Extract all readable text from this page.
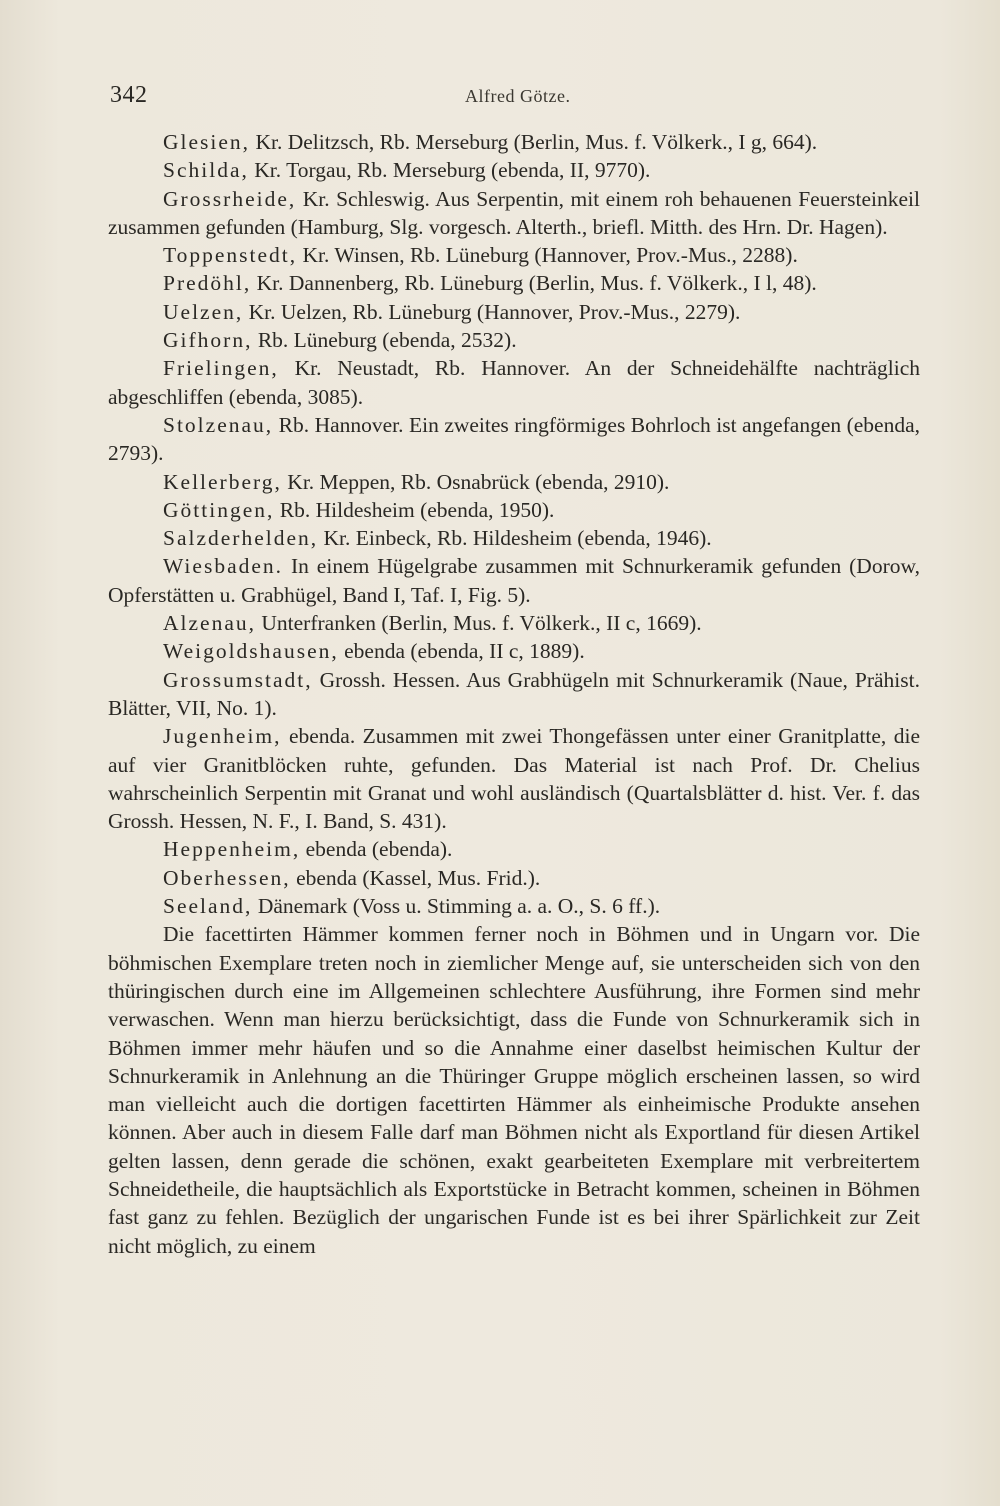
342	Alfred Götze.

Glesien, Kr. Delitzsch, Rb. Merseburg (Berlin, Mus. f. Völkerk., I g, 664).

Schilda, Kr. Torgau, Rb. Merseburg (ebenda, II, 9770).

Grossrheide, Kr. Schleswig. Aus Serpentin, mit einem roh behauenen Feuersteinkeil zusammen gefunden (Hamburg, Slg. vorgesch. Alterth., briefl. Mitth. des Hrn. Dr. Hagen).

Toppenstedt, Kr. Winsen, Rb. Lüneburg (Hannover, Prov.-Mus., 2288).

Predöhl, Kr. Dannenberg, Rb. Lüneburg (Berlin, Mus. f. Völkerk., I l, 48).

Uelzen, Kr. Uelzen, Rb. Lüneburg (Hannover, Prov.-Mus., 2279).

Gifhorn, Rb. Lüneburg (ebenda, 2532).

Frielingen, Kr. Neustadt, Rb. Hannover. An der Schneidehälfte nachträglich abgeschliffen (ebenda, 3085).

Stolzenau, Rb. Hannover. Ein zweites ringförmiges Bohrloch ist angefangen (ebenda, 2793).

Kellerberg, Kr. Meppen, Rb. Osnabrück (ebenda, 2910).

Göttingen, Rb. Hildesheim (ebenda, 1950).

Salzderhelden, Kr. Einbeck, Rb. Hildesheim (ebenda, 1946).

Wiesbaden. In einem Hügelgrabe zusammen mit Schnurkeramik gefunden (Dorow, Opferstätten u. Grabhügel, Band I, Taf. I, Fig. 5).

Alzenau, Unterfranken (Berlin, Mus. f. Völkerk., II c, 1669).

Weigoldshausen, ebenda (ebenda, II c, 1889).

Grossumstadt, Grossh. Hessen. Aus Grabhügeln mit Schnurkeramik (Naue, Prähist. Blätter, VII, No. 1).

Jugenheim, ebenda. Zusammen mit zwei Thongefässen unter einer Granitplatte, die auf vier Granitblöcken ruhte, gefunden. Das Material ist nach Prof. Dr. Chelius wahrscheinlich Serpentin mit Granat und wohl ausländisch (Quartalsblätter d. hist. Ver. f. das Grossh. Hessen, N. F., I. Band, S. 431).

Heppenheim, ebenda (ebenda).

Oberhessen, ebenda (Kassel, Mus. Frid.).

Seeland, Dänemark (Voss u. Stimming a. a. O., S. 6 ff.).

Die facettirten Hämmer kommen ferner noch in Böhmen und in Ungarn vor. Die böhmischen Exemplare treten noch in ziemlicher Menge auf, sie unterscheiden sich von den thüringischen durch eine im Allgemeinen schlechtere Ausführung, ihre Formen sind mehr verwaschen. Wenn man hierzu berücksichtigt, dass die Funde von Schnurkeramik sich in Böhmen immer mehr häufen und so die Annahme einer daselbst heimischen Kultur der Schnurkeramik in Anlehnung an die Thüringer Gruppe möglich erscheinen lassen, so wird man vielleicht auch die dortigen facettirten Hämmer als einheimische Produkte ansehen können. Aber auch in diesem Falle darf man Böhmen nicht als Exportland für diesen Artikel gelten lassen, denn gerade die schönen, exakt gearbeiteten Exemplare mit verbreitertem Schneidetheile, die hauptsächlich als Exportstücke in Betracht kommen, scheinen in Böhmen fast ganz zu fehlen. Bezüglich der ungarischen Funde ist es bei ihrer Spärlichkeit zur Zeit nicht möglich, zu einem
